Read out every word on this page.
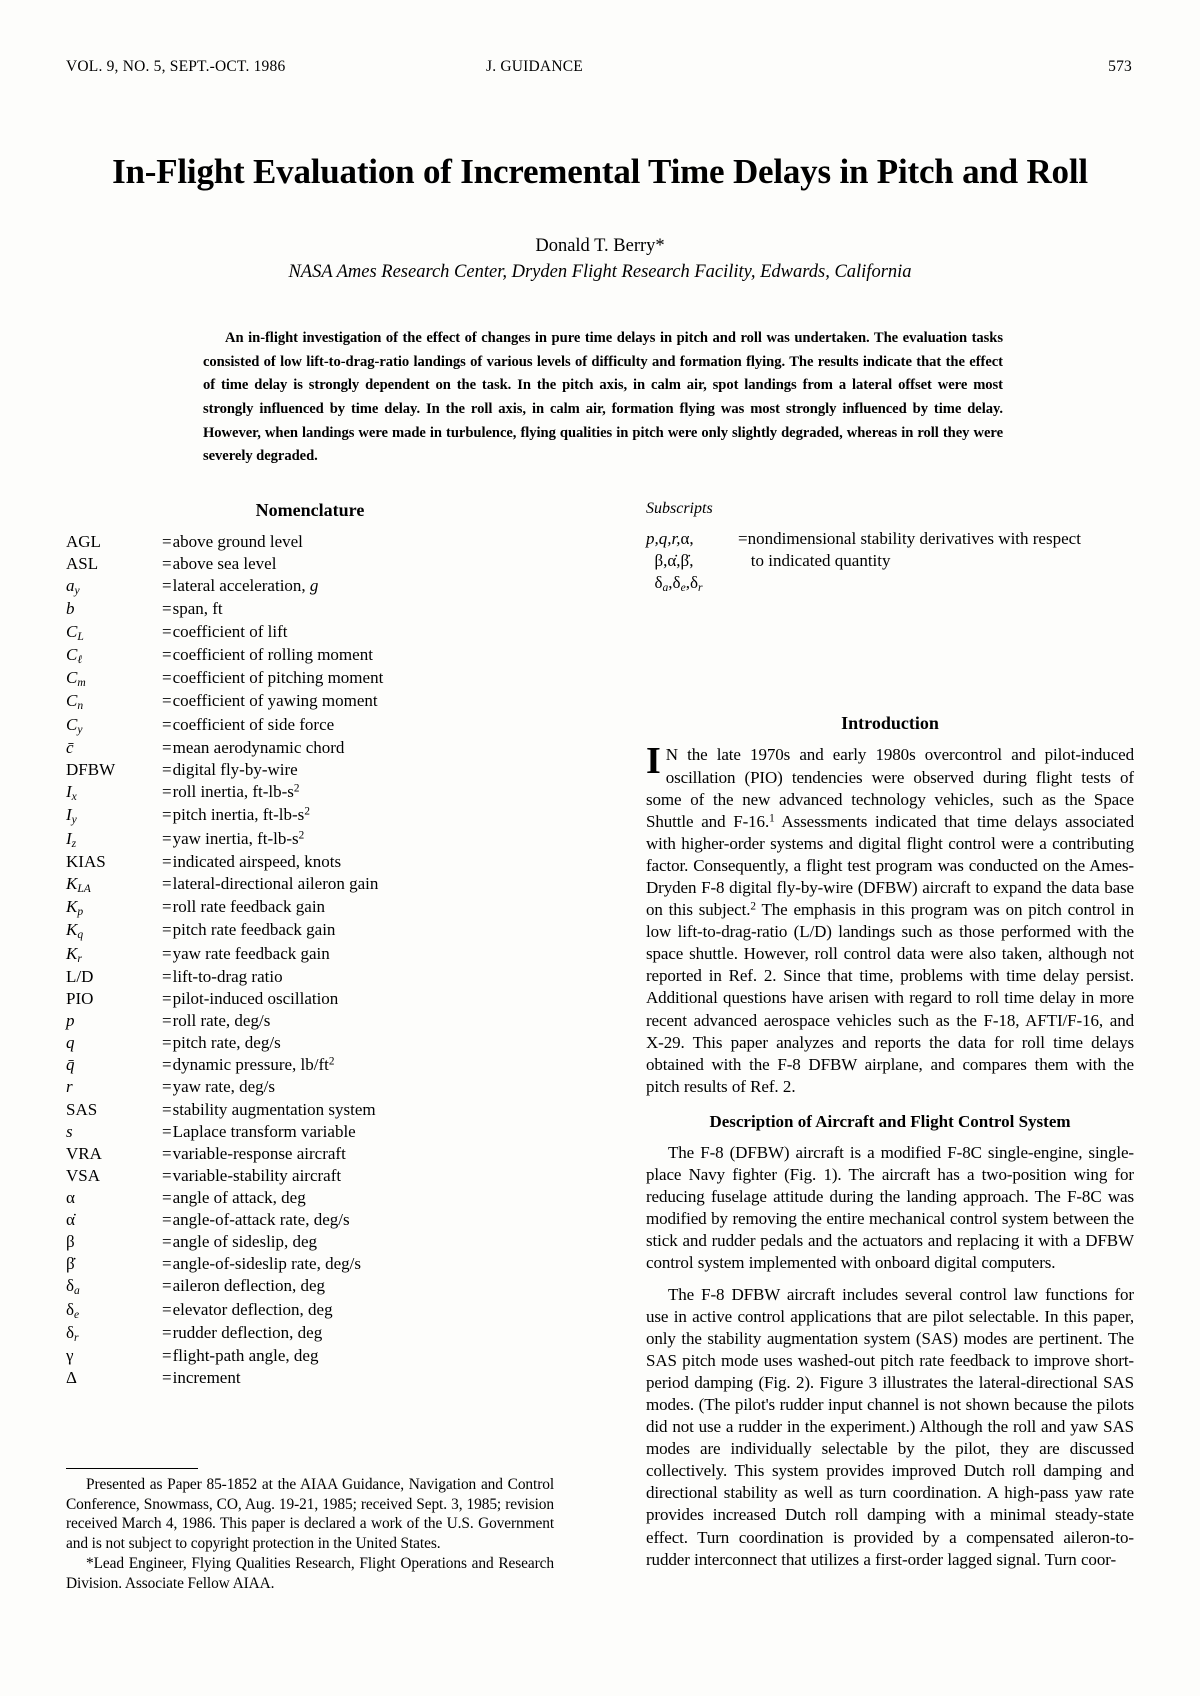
VOL. 9, NO. 5, SEPT.-OCT. 1986	J. GUIDANCE	573
In-Flight Evaluation of Incremental Time Delays in Pitch and Roll
Donald T. Berry*
NASA Ames Research Center, Dryden Flight Research Facility, Edwards, California
An in-flight investigation of the effect of changes in pure time delays in pitch and roll was undertaken. The evaluation tasks consisted of low lift-to-drag-ratio landings of various levels of difficulty and formation flying. The results indicate that the effect of time delay is strongly dependent on the task. In the pitch axis, in calm air, spot landings from a lateral offset were most strongly influenced by time delay. In the roll axis, in calm air, formation flying was most strongly influenced by time delay. However, when landings were made in turbulence, flying qualities in pitch were only slightly degraded, whereas in roll they were severely degraded.
Nomenclature
AGL	=above ground level
ASL	=above sea level
$a_y$	=lateral acceleration, g
b	=span, ft
$C_L$	=coefficient of lift
$C_\ell$	=coefficient of rolling moment
$C_m$	=coefficient of pitching moment
$C_n$	=coefficient of yawing moment
$C_y$	=coefficient of side force
c̄	=mean aerodynamic chord
DFBW	=digital fly-by-wire
$I_x$	=roll inertia, $ft-lb-s^2$
$I_y$	=pitch inertia, $ft-lb-s^2$
$I_z$	=yaw inertia, $ft-lb-s^2$
KIAS	=indicated airspeed, knots
$K_{LA}$	=lateral-directional aileron gain
$K_p$	=roll rate feedback gain
$K_q$	=pitch rate feedback gain
$K_r$	=yaw rate feedback gain
L/D	=lift-to-drag ratio
PIO	=pilot-induced oscillation
p	=roll rate, deg/s
q	=pitch rate, deg/s
q̄	=dynamic pressure, $lb/ft^2$
r	=yaw rate, deg/s
SAS	=stability augmentation system
s	=Laplace transform variable
VRA	=variable-response aircraft
VSA	=variable-stability aircraft
α	=angle of attack, deg
α̇	=angle-of-attack rate, deg/s
β	=angle of sideslip, deg
β̇	=angle-of-sideslip rate, deg/s
$\delta_a$	=aileron deflection, deg
$\delta_e$	=elevator deflection, deg
$\delta_r$	=rudder deflection, deg
γ	=flight-path angle, deg
Δ	=increment
Subscripts
p,q,r,α,	=nondimensional stability derivatives with respect
β,α̇,β̇,	to indicated quantity
$\delta_a,\delta_e,\delta_r$	
Introduction

I N the late 1970s and early 1980s overcontrol and pilot-induced oscillation (PIO) tendencies were observed during flight tests of some of the new advanced technology vehicles, such as the Space Shuttle and F-16.$^1$ Assessments indicated that time delays associated with higher-order systems and digital flight control were a contributing factor. Consequently, a flight test program was conducted on the Ames-Dryden F-8 digital fly-by-wire (DFBW) aircraft to expand the data base on this subject.$^2$ The emphasis in this program was on pitch control in low lift-to-drag-ratio (L/D) landings such as those performed with the space shuttle. However, roll control data were also taken, although not reported in Ref. 2. Since that time, problems with time delay persist. Additional questions have arisen with regard to roll time delay in more recent advanced aerospace vehicles such as the F-18, AFTI/F-16, and X-29. This paper analyzes and reports the data for roll time delays obtained with the F-8 DFBW airplane, and compares them with the pitch results of Ref. 2.

Description of Aircraft and Flight Control System

The F-8 (DFBW) aircraft is a modified F-8C single-engine, single-place Navy fighter (Fig. 1). The aircraft has a two-position wing for reducing fuselage attitude during the landing approach. The F-8C was modified by removing the entire mechanical control system between the stick and rudder pedals and the actuators and replacing it with a DFBW control system implemented with onboard digital computers.

The F-8 DFBW aircraft includes several control law functions for use in active control applications that are pilot selectable. In this paper, only the stability augmentation system (SAS) modes are pertinent. The SAS pitch mode uses washed-out pitch rate feedback to improve short-period damping (Fig. 2). Figure 3 illustrates the lateral-directional SAS modes. (The pilot's rudder input channel is not shown because the pilots did not use a rudder in the experiment.) Although the roll and yaw SAS modes are individually selectable by the pilot, they are discussed collectively. This system provides improved Dutch roll damping and directional stability as well as turn coordination. A high-pass yaw rate provides increased Dutch roll damping with a minimal steady-state effect. Turn coordination is provided by a compensated aileron-to-rudder interconnect that utilizes a first-order lagged signal. Turn coor-

Presented as Paper 85-1852 at the AIAA Guidance, Navigation and Control Conference, Snowmass, CO, Aug. 19-21, 1985; received Sept. 3, 1985; revision received March 4, 1986. This paper is declared a work of the U.S. Government and is not subject to copyright protection in the United States.

*Lead Engineer, Flying Qualities Research, Flight Operations and Research Division. Associate Fellow AIAA.
